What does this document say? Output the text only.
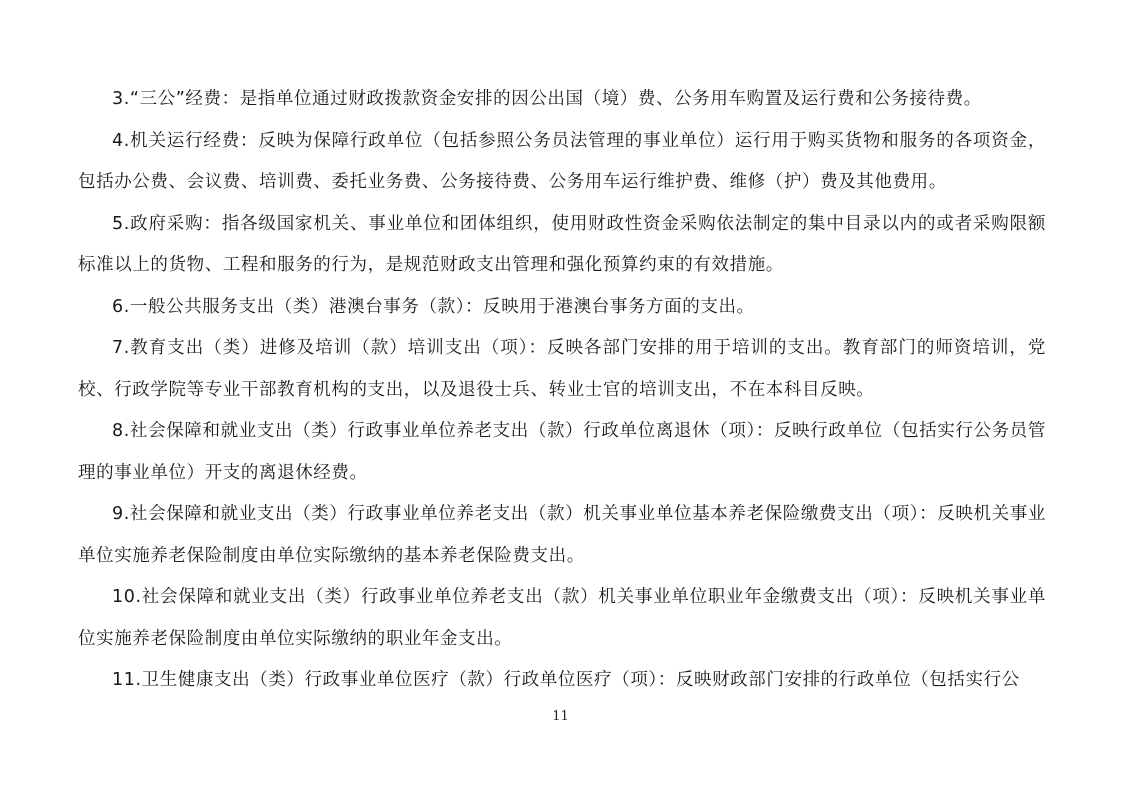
3.“三公”经费：是指单位通过财政拨款资金安排的因公出国（境）费、公务用车购置及运行费和公务接待费。

4.机关运行经费：反映为保障行政单位（包括参照公务员法管理的事业单位）运行用于购买货物和服务的各项资金，包括办公费、会议费、培训费、委托业务费、公务接待费、公务用车运行维护费、维修（护）费及其他费用。

5.政府采购：指各级国家机关、事业单位和团体组织，使用财政性资金采购依法制定的集中目录以内的或者采购限额标准以上的货物、工程和服务的行为，是规范财政支出管理和强化预算约束的有效措施。

6.一般公共服务支出（类）港澳台事务（款）：反映用于港澳台事务方面的支出。

7.教育支出（类）进修及培训（款）培训支出（项）：反映各部门安排的用于培训的支出。教育部门的师资培训，党校、行政学院等专业干部教育机构的支出，以及退役士兵、转业士官的培训支出，不在本科目反映。

8.社会保障和就业支出（类）行政事业单位养老支出（款）行政单位离退休（项）：反映行政单位（包括实行公务员管理的事业单位）开支的离退休经费。

9.社会保障和就业支出（类）行政事业单位养老支出（款）机关事业单位基本养老保险缴费支出（项）：反映机关事业单位实施养老保险制度由单位实际缴纳的基本养老保险费支出。

10.社会保障和就业支出（类）行政事业单位养老支出（款）机关事业单位职业年金缴费支出（项）：反映机关事业单位实施养老保险制度由单位实际缴纳的职业年金支出。

11.卫生健康支出（类）行政事业单位医疗（款）行政单位医疗（项）：反映财政部门安排的行政单位（包括实行公

11
